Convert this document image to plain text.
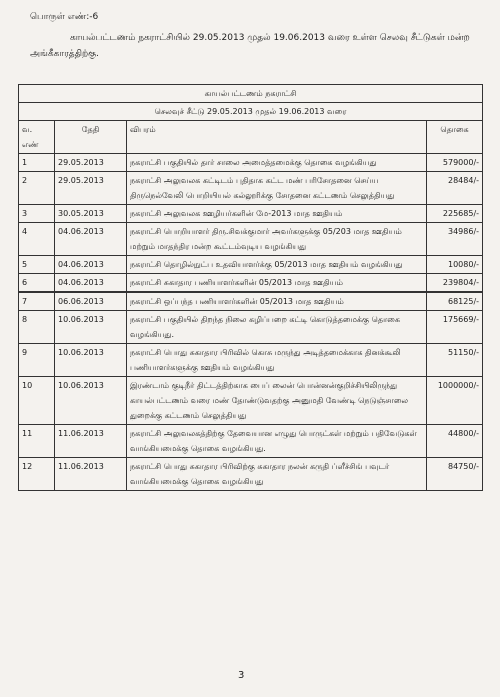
பொருள் எண்:-6
காயல்பட்டணம் நகராட்சியில் 29.05.2013 முதல் 19.06.2013 வரை உள்ள செலவு சீட்டுகள் மன்ற அங்கீகாரத்திற்கு.
காயல்பட்டணம் நகராட்சி			
செலவுச் சீட்டு 29.05.2013 முதல் 19.06.2013 வரை			
வ. எண்	தேதி	விபரம்	தொகை
1	29.05.2013	நகராட்சி பகுதியில் தார் சாலை அமைத்தமைக்கு தொகை வழங்கியது	579000/-
2	29.05.2013	நகராட்சி அலுவலக கட்டிடம் புதிதாக கட்ட மண் பரிசோதனை செய்ய திருநெல்வேலி பொறியியல் கல்லூரிக்கு சோதனை கட்டணம் செலுத்தியது	28484/-
3	30.05.2013	நகராட்சி அலுவலக ஊழியர்களின் மே-2013 மாத ஊதியம்	225685/-
4	04.06.2013	நகராட்சி பொறியாளர் திரு.சிவக்குமார் அவர்களுக்கு 05/203 மாத ஊதியம் மற்றும் மாதந்திர மன்ற கூட்டம்வுடிய வழங்கியது	34986/-
5	04.06.2013	நகராட்சி தொழில்நுட்ப உதவியாளர்க்கு 05/2013 மாத ஊதியம் வழங்கியது	10080/-
6	04.06.2013	நகராட்சி சுகாதார பணியாளர்களின் 05/2013 மாத ஊதியம்	239804/-
7	06.06.2013	நகராட்சி ஒப்பந்த பணியாளர்களின் 05/2013 மாத ஊதியம்	68125/-
8	10.06.2013	நகராட்சி பகுதியில் திறந்த நிலை கழிப்பறை கட்டி கொடுத்தமைக்கு தொகை வழங்கியது.	175669/-
9	10.06.2013	நகராட்சி பொது சுகாதார பிரிவில் கொசு மருந்து அடித்தமைக்காக தினக்கூலி பணியாளர்களுக்கு ஊதியம் வழங்கியது	51150/-
10	10.06.2013	இரண்டாம் குடிநீர் திட்டத்திற்காக பைப் லைன் பொன்னன்குறிச்சியிலிருந்து காயல்பட்டணம் வரை மண் தோண்டுவதற்கு அனுமதி வேண்டி நெடுஞ்சாலை துறைக்கு கட்டணம் செலுத்தியது	1000000/-
11	11.06.2013	நகராட்சி அலுவலகத்திற்கு தேவையான எழுது பொருட்கள் மற்றும் பதிவேடுகள் வாங்கியமைக்கு தொகை வழங்கியது.	44800/-
12	11.06.2013	நகராட்சி பொது சுகாதார பிரிவிற்கு சுகாதார நலன் கருதி ப்ளீச்சிங் பவுடர் வாங்கியமைக்கு தொகை வழங்கியது	84750/-
3
